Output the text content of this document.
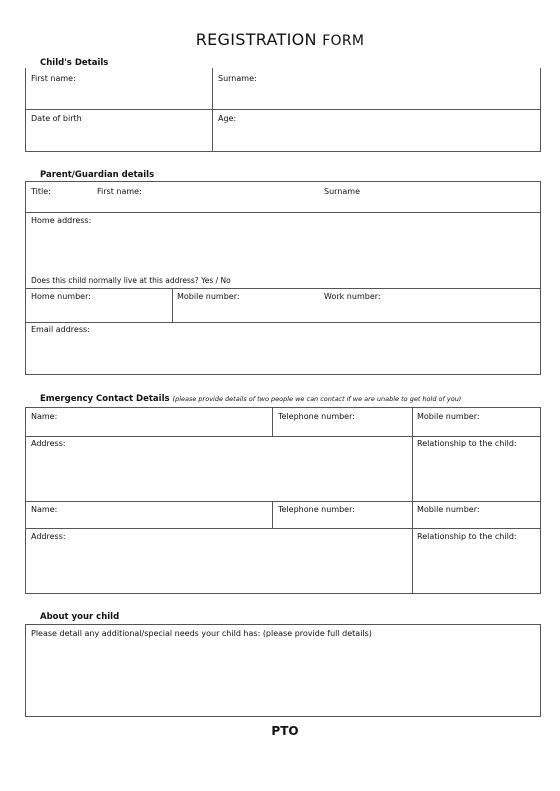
REGISTRATION FORM
Child's Details
First name:	Surname:
Date of birth	Age:
Parent/Guardian details
Title:	First name:	Surname
Home address:
Does this child normally live at this address? Yes / No
Home number:	Mobile number:	Work number:
Email address:
Emergency Contact Details (please provide details of two people we can contact if we are unable to get hold of you)
Name:	Telephone number:	Mobile number:
Address:	Relationship to the child:
Name:	Telephone number:	Mobile number:
Address:	Relationship to the child:
About your child
Please detail any additional/special needs your child has: (please provide full details)
PTO
